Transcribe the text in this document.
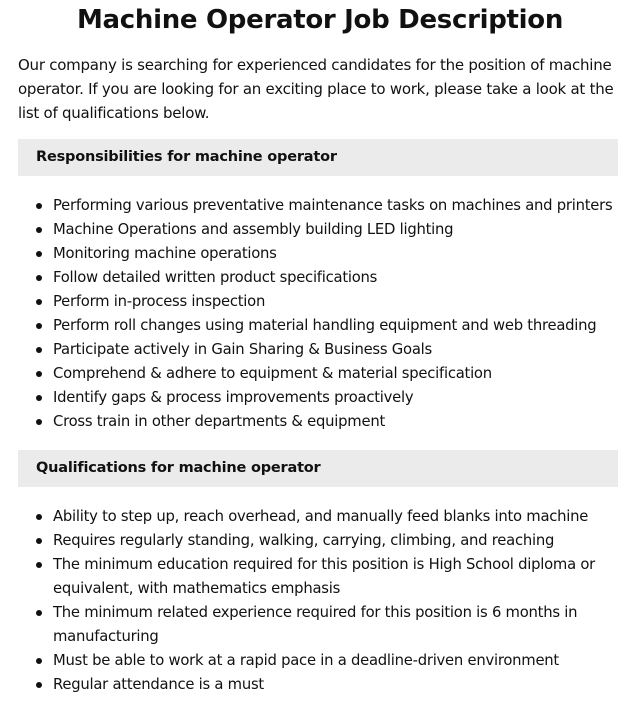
Machine Operator Job Description

Our company is searching for experienced candidates for the position of machine operator. If you are looking for an exciting place to work, please take a look at the list of qualifications below.

Responsibilities for machine operator
Performing various preventative maintenance tasks on machines and printers
Machine Operations and assembly building LED lighting
Monitoring machine operations
Follow detailed written product specifications
Perform in-process inspection
Perform roll changes using material handling equipment and web threading
Participate actively in Gain Sharing & Business Goals
Comprehend & adhere to equipment & material specification
Identify gaps & process improvements proactively
Cross train in other departments & equipment
Qualifications for machine operator
Ability to step up, reach overhead, and manually feed blanks into machine
Requires regularly standing, walking, carrying, climbing, and reaching
The minimum education required for this position is High School diploma or equivalent, with mathematics emphasis
The minimum related experience required for this position is 6 months in manufacturing
Must be able to work at a rapid pace in a deadline-driven environment
Regular attendance is a must
